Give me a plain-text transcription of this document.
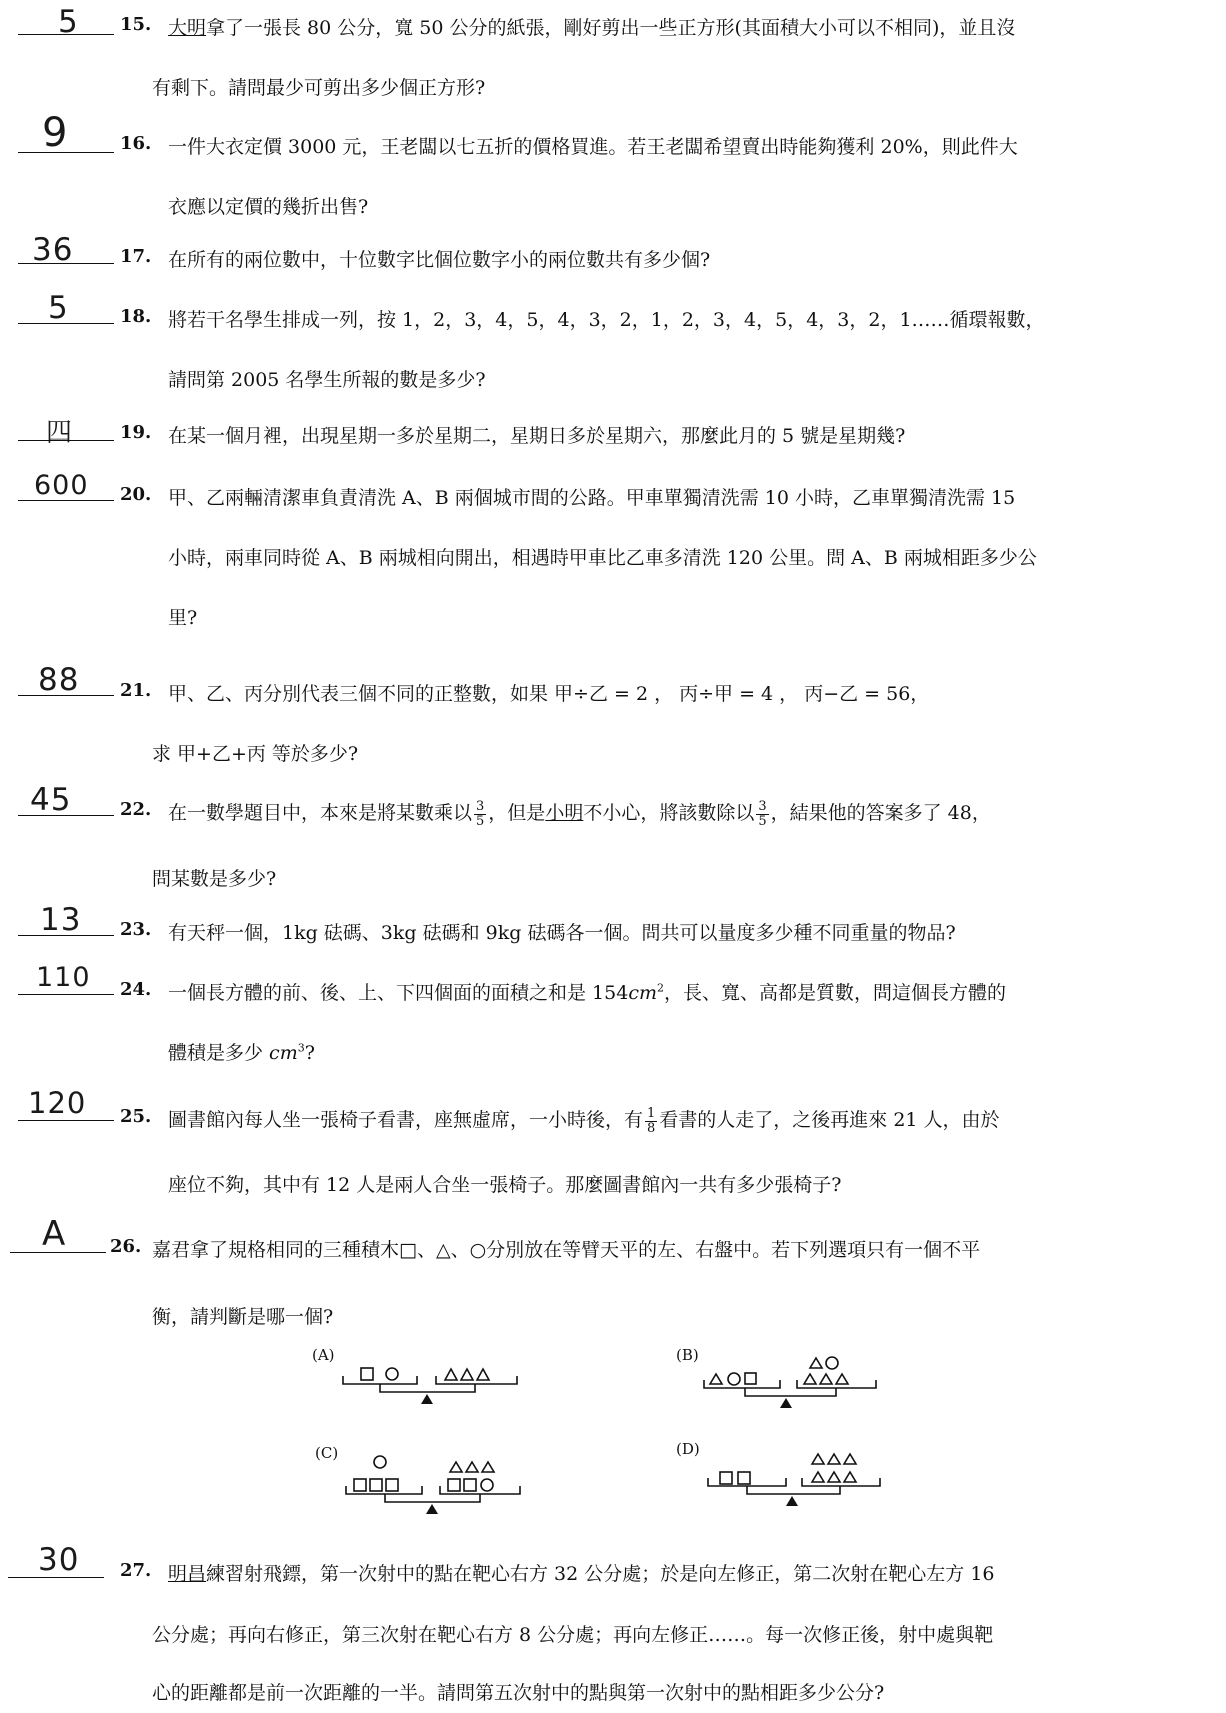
5 15. 大明拿了一張長 80 公分，寬 50 公分的紙張，剛好剪出一些正方形(其面積大小可以不相同)，並且沒
有剩下。請問最少可剪出多少個正方形?
9	16. 一件大衣定價 3000 元，王老闆以七五折的價格買進。若王老闆希望賣出時能夠獲利 20%，則此件大
衣應以定價的幾折出售?
36	17. 在所有的兩位數中，十位數字比個位數字小的兩位數共有多少個?
5	18. 將若干名學生排成一列，按 1，2，3，4，5，4，3，2，1，2，3，4，5，4，3，2，1……循環報數，
請問第 2005 名學生所報的數是多少?
四	19. 在某一個月裡，出現星期一多於星期二，星期日多於星期六，那麼此月的 5 號是星期幾?
600 20. 甲、乙兩輛清潔車負責清洗 A、B 兩個城市間的公路。甲車單獨清洗需 10 小時，乙車單獨清洗需 15
小時，兩車同時從 A、B 兩城相向開出，相遇時甲車比乙車多清洗 120 公里。問 A、B 兩城相距多少公
里?
88 21. 甲、乙、丙分別代表三個不同的正整數，如果 甲÷乙 = 2 ， 丙÷甲 = 4 ， 丙−乙 = 56，
求 甲+乙+丙 等於多少?
45	22. 在一數學題目中，本來是將某數乘以 $\frac{3}{5}$ ，但是小明不小心，將該數除以 $\frac{3}{5}$ ，結果他的答案多了 48，
問某數是多少?
13 23. 有天秤一個，1kg 砝碼、3kg 砝碼和 9kg 砝碼各一個。問共可以量度多少種不同重量的物品?
110 24. 一個長方體的前、後、上、下四個面的面積之和是 $154cm^2$，長、寬、高都是質數，問這個長方體的
體積是多少 $cm^3$?
120 25. 圖書館內每人坐一張椅子看書，座無虛席，一小時後，有 $\frac{1}{8}$ 看書的人走了，之後再進來 21 人，由於
座位不夠，其中有 12 人是兩人合坐一張椅子。那麼圖書館內一共有多少張椅子?
A 26. 嘉君拿了規格相同的三種積木□、△、○分別放在等臂天平的左、右盤中。若下列選項只有一個不平
衡，請判斷是哪一個?
(A)	(B)
(C)	(D)
30 27. 明昌練習射飛鏢，第一次射中的點在靶心右方 32 公分處；於是向左修正，第二次射在靶心左方 16
公分處；再向右修正，第三次射在靶心右方 8 公分處；再向左修正……。每一次修正後，射中處與靶
心的距離都是前一次距離的一半。請問第五次射中的點與第一次射中的點相距多少公分?
